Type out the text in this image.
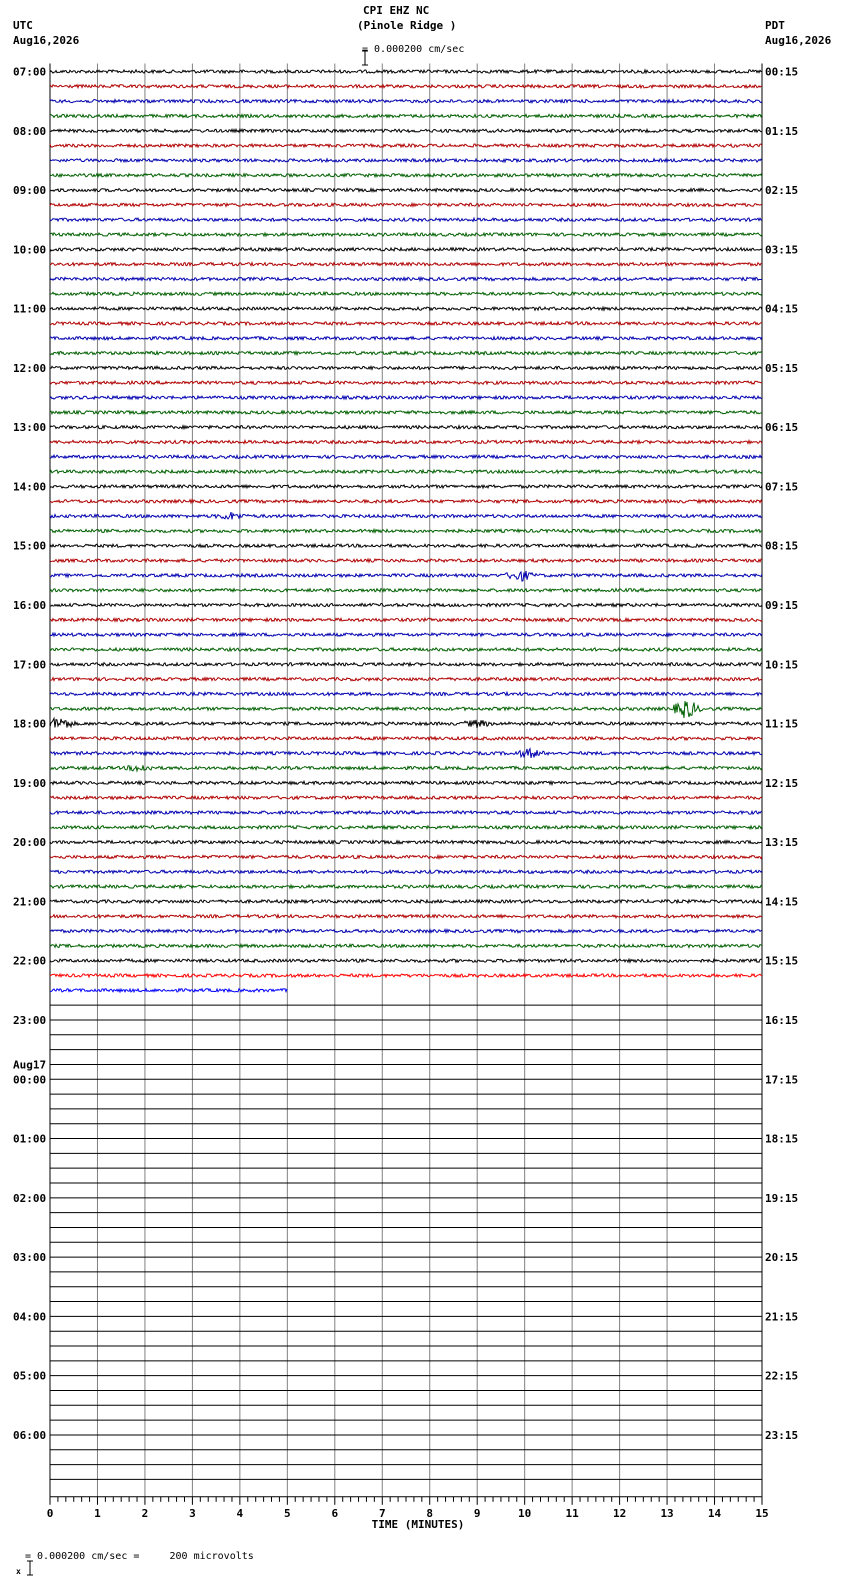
CPI EHZ NC
(Pinole Ridge )
UTC
Aug16,2026
PDT
Aug16,2026

= 0.000200 cm/sec
07:00
08:00
09:00
10:00
11:00
12:00
13:00
14:00
15:00
16:00
17:00
18:00
19:00
20:00
21:00
22:00
23:00
00:00
Aug17
01:00
02:00
03:00
04:00
05:00
06:00
00:15
01:15
02:15
03:15
04:15
05:15
06:15
07:15
08:15
09:15
10:15
11:15
12:15
13:15
14:15
15:15
16:15
17:15
18:15
19:15
20:15
21:15
22:15
23:15
0	1	2	3	4	5	6	7	8	9	10	11	12	13	14	15
TIME (MINUTES)

x

= 0.000200 cm/sec =     200 microvolts
